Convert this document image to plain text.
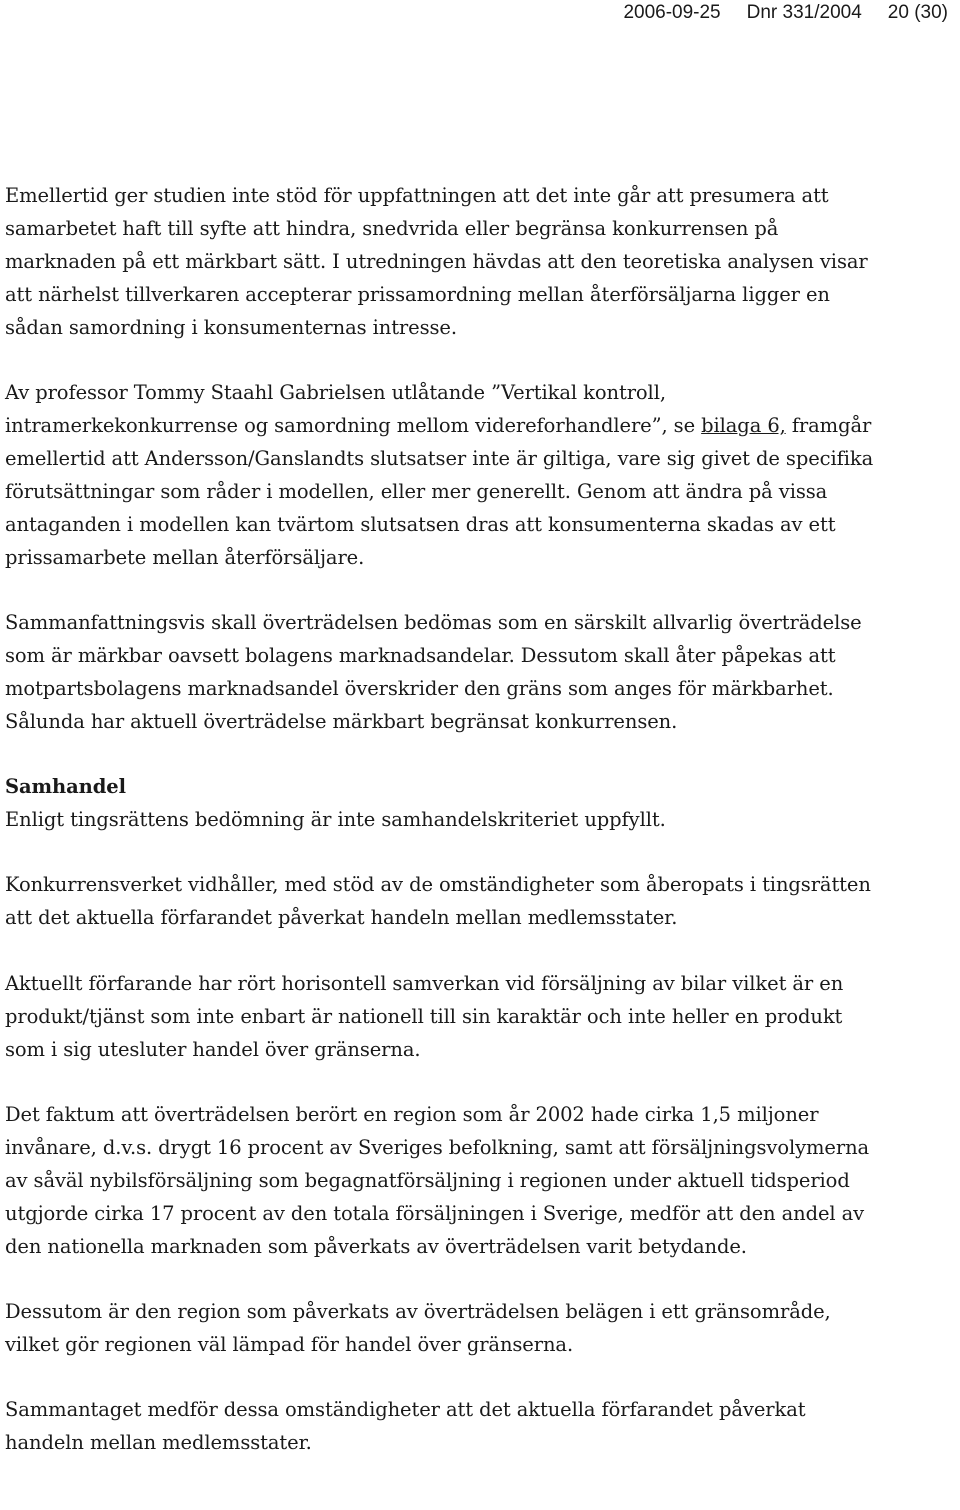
2006-09-25 Dnr 331/2004 20 (30)

Emellertid ger studien inte stöd för uppfattningen att det inte går att presumera att samarbetet haft till syfte att hindra, snedvrida eller begränsa konkurrensen på marknaden på ett märkbart sätt. I utredningen hävdas att den teoretiska analysen visar att närhelst tillverkaren accepterar prissamordning mellan återförsäljarna ligger en sådan samordning i konsumenternas intresse.

Av professor Tommy Staahl Gabrielsen utlåtande ”Vertikal kontroll, intramerkekonkurrense og samordning mellom videreforhandlere”, se bilaga 6, framgår emellertid att Andersson/Ganslandts slutsatser inte är giltiga, vare sig givet de specifika förutsättningar som råder i modellen, eller mer generellt. Genom att ändra på vissa antaganden i modellen kan tvärtom slutsatsen dras att konsumenterna skadas av ett prissamarbete mellan återförsäljare.

Sammanfattningsvis skall överträdelsen bedömas som en särskilt allvarlig överträdelse som är märkbar oavsett bolagens marknadsandelar. Dessutom skall åter påpekas att motpartsbolagens marknadsandel överskrider den gräns som anges för märkbarhet. Sålunda har aktuell överträdelse märkbart begränsat konkurrensen.

Samhandel

Enligt tingsrättens bedömning är inte samhandelskriteriet uppfyllt.

Konkurrensverket vidhåller, med stöd av de omständigheter som åberopats i tingsrätten att det aktuella förfarandet påverkat handeln mellan medlemsstater.

Aktuellt förfarande har rört horisontell samverkan vid försäljning av bilar vilket är en produkt/tjänst som inte enbart är nationell till sin karaktär och inte heller en produkt som i sig utesluter handel över gränserna.

Det faktum att överträdelsen berört en region som år 2002 hade cirka 1,5 miljoner invånare, d.v.s. drygt 16 procent av Sveriges befolkning, samt att försäljningsvolymerna av såväl nybilsförsäljning som begagnatförsäljning i regionen under aktuell tidsperiod utgjorde cirka 17 procent av den totala försäljningen i Sverige, medför att den andel av den nationella marknaden som påverkats av överträdelsen varit betydande.

Dessutom är den region som påverkats av överträdelsen belägen i ett gränsområde, vilket gör regionen väl lämpad för handel över gränserna.

Sammantaget medför dessa omständigheter att det aktuella förfarandet påverkat handeln mellan medlemsstater.
